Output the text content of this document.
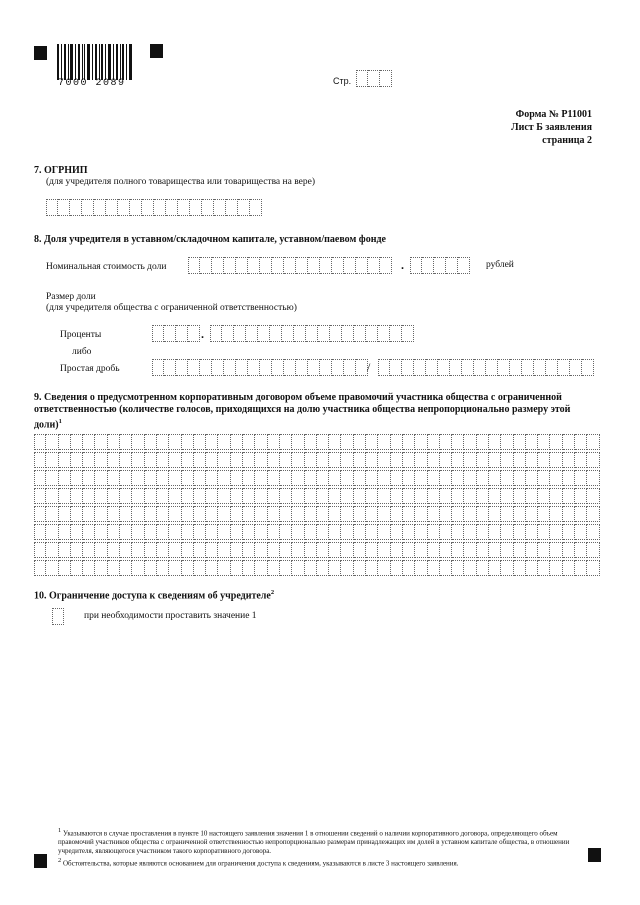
7000 2089	Стр.
Форма № Р11001
Лист Б заявления
страница 2
7. ОГРНИП
(для учредителя полного товарищества или товарищества на вере)
8. Доля учредителя в уставном/складочном капитале, уставном/паевом фонде
Номинальная стоимость доли	.	рублей
Размер доли
(для учредителя общества с ограниченной ответственностью)
Проценты	.
либо
Простая дробь	/
9. Сведения о предусмотренном корпоративным договором объеме правомочий участника общества с ограниченной
ответственностью (количестве голосов, приходящихся на долю участника общества непропорционально размеру этой
доли)$^1$
10. Ограничение доступа к сведениям об учредителе$^2$
при необходимости проставить значение 1
$^1$ Указываются в случае проставления в пункте 10 настоящего заявления значения 1 в отношении сведений о наличии корпоративного договора, определяющего объем правомочий участников общества с ограниченной ответственностью непропорционально размерам принадлежащих им долей в уставном капитале общества, в отношении учредителя, являющегося участником такого корпоративного договора.
$^2$ Обстоятельства, которые являются основанием для ограничения доступа к сведениям, указываются в листе 3 настоящего заявления.
